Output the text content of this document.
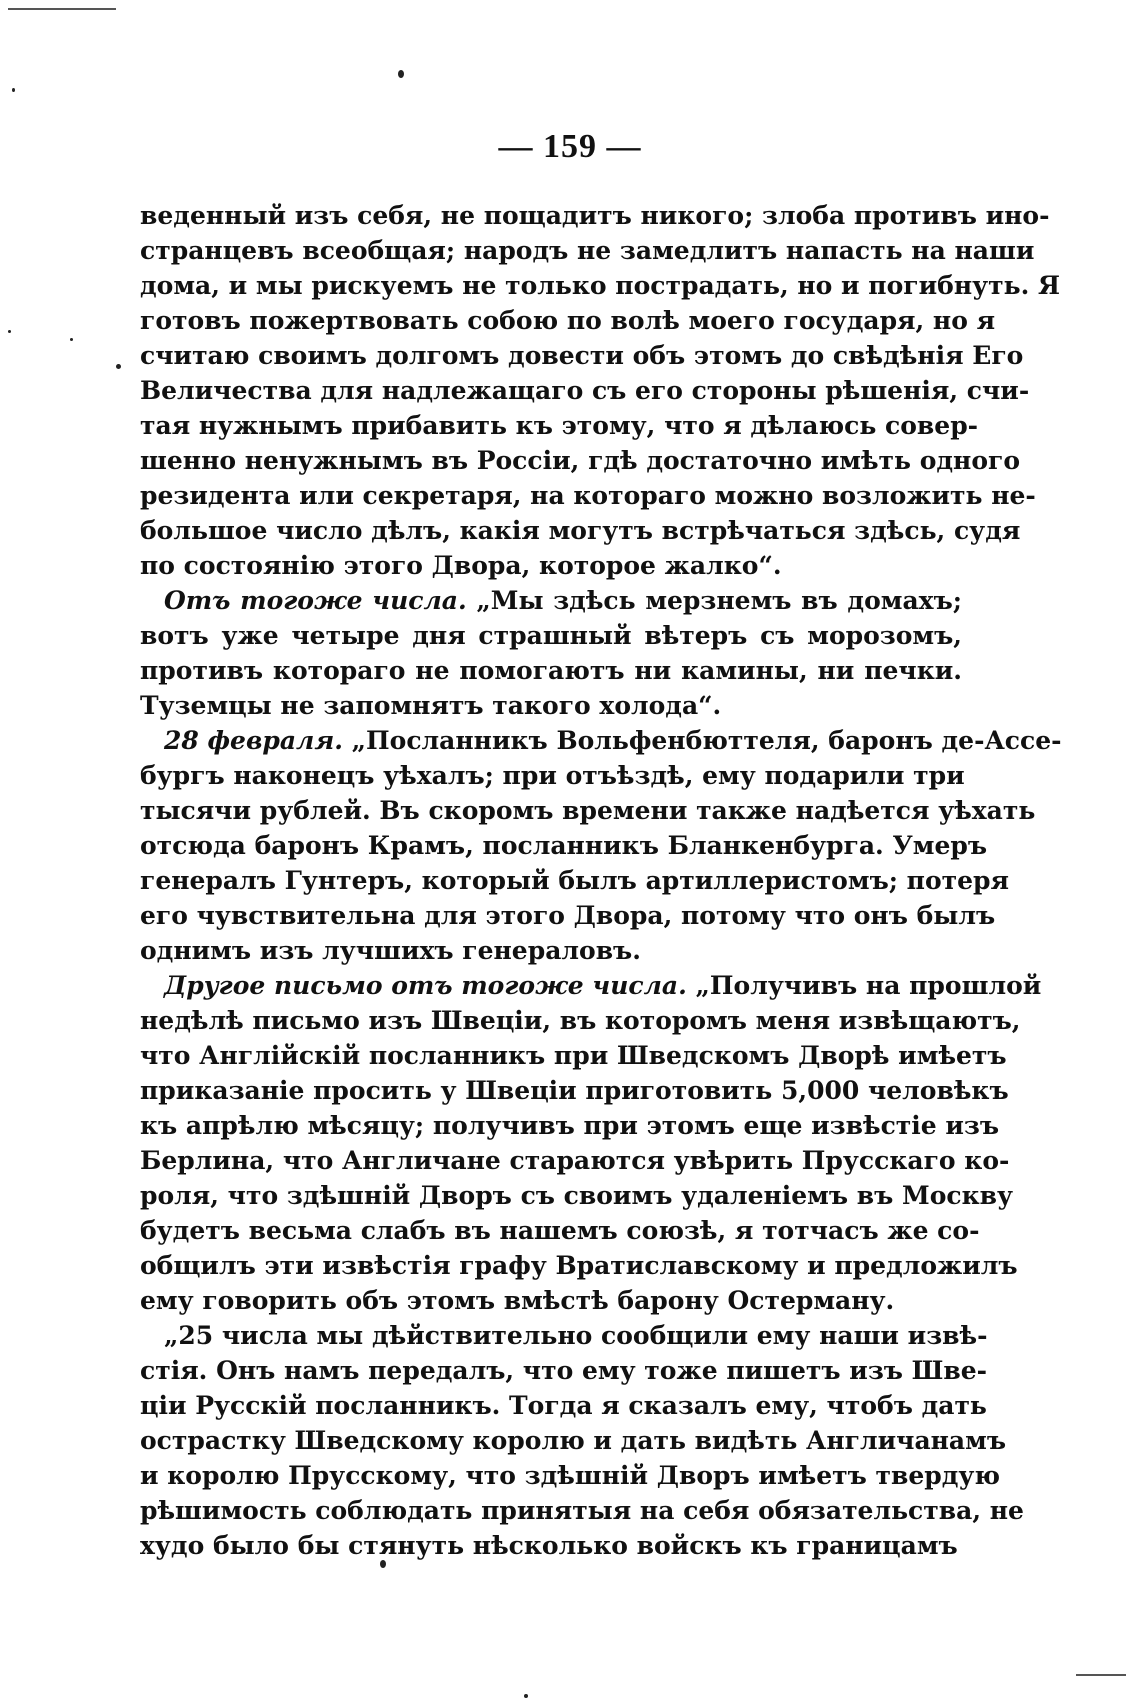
— 159 —
веденный изъ себя, не пощадитъ никого; злоба противъ ино-
странцевъ всеобщая; народъ не замедлитъ напасть на наши
дома, и мы рискуемъ не только пострадать, но и погибнуть. Я
готовъ пожертвовать собою по волѣ моего государя, но я
считаю своимъ долгомъ довести объ этомъ до свѣдѣнія Его
Величества для надлежащаго съ его стороны рѣшенія, счи-
тая нужнымъ прибавить къ этому, что я дѣлаюсь совер-
шенно ненужнымъ въ Россіи, гдѣ достаточно имѣть одного
резидента или секретаря, на котораго можно возложить не-
большое число дѣлъ, какія могутъ встрѣчаться здѣсь, судя
по состоянію этого Двора, которое жалко“.
Отъ тогоже числа. „Мы здѣсь мерзнемъ въ домахъ;
вотъ уже четыре дня страшный вѣтеръ съ морозомъ,
противъ котораго не помогаютъ ни камины, ни печки.
Туземцы не запомнятъ такого холода“.
28 февраля. „Посланникъ Вольфенбюттеля, баронъ де-Ассе-
бургъ наконецъ уѣхалъ; при отъѣздѣ, ему подарили три
тысячи рублей. Въ скоромъ времени также надѣется уѣхать
отсюда баронъ Крамъ, посланникъ Бланкенбурга. Умеръ
генералъ Гунтеръ, который былъ артиллеристомъ; потеря
его чувствительна для этого Двора, потому что онъ былъ
однимъ изъ лучшихъ генераловъ.
Другое письмо отъ тогоже числа. „Получивъ на прошлой
недѣлѣ письмо изъ Швеціи, въ которомъ меня извѣщаютъ,
что Англійскій посланникъ при Шведскомъ Дворѣ имѣетъ
приказаніе просить у Швеціи приготовить 5,000 человѣкъ
къ апрѣлю мѣсяцу; получивъ при этомъ еще извѣстіе изъ
Берлина, что Англичане стараются увѣрить Прусскаго ко-
роля, что здѣшній Дворъ съ своимъ удаленіемъ въ Москву
будетъ весьма слабъ въ нашемъ союзѣ, я тотчасъ же со-
общилъ эти извѣстія графу Вратиславскому и предложилъ
ему говорить объ этомъ вмѣстѣ барону Остерману.
„25 числа мы дѣйствительно сообщили ему наши извѣ-
стія. Онъ намъ передалъ, что ему тоже пишетъ изъ Шве-
ціи Русскій посланникъ. Тогда я сказалъ ему, чтобъ дать
острастку Шведскому королю и дать видѣть Англичанамъ
и королю Прусскому, что здѣшній Дворъ имѣетъ твердую
рѣшимость соблюдать принятыя на себя обязательства, не
худо было бы стянуть нѣсколько войскъ къ границамъ
